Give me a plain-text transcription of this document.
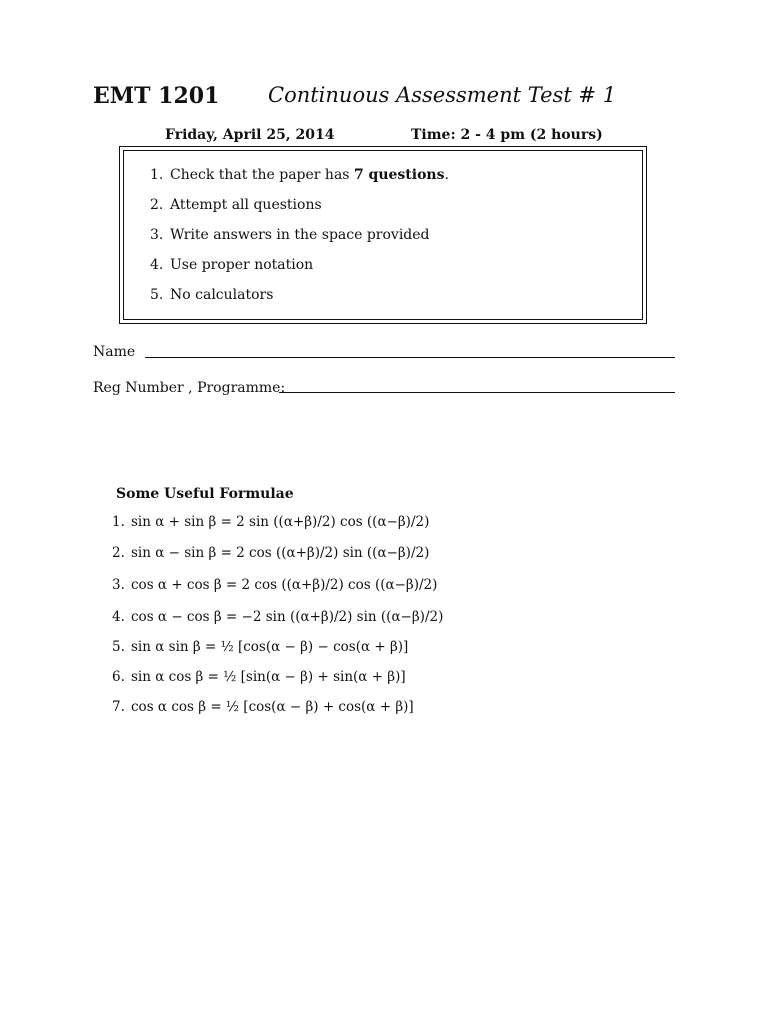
EMT 1201 Continuous Assessment Test # 1
Friday, April 25, 2014	Time: 2 - 4 pm (2 hours)
1. Check that the paper has 7 questions.
2. Attempt all questions
3. Write answers in the space provided
4. Use proper notation
5. No calculators
Name
Reg Number , Programme:
Some Useful Formulae
1. sin α + sin β = 2 sin ((α+β)/2) cos ((α−β)/2)
2. sin α − sin β = 2 cos ((α+β)/2) sin ((α−β)/2)
3. cos α + cos β = 2 cos ((α+β)/2) cos ((α−β)/2)
4. cos α − cos β = −2 sin ((α+β)/2) sin ((α−β)/2)
5. sin α sin β = ½ [cos(α − β) − cos(α + β)]
6. sin α cos β = ½ [sin(α − β) + sin(α + β)]
7. cos α cos β = ½ [cos(α − β) + cos(α + β)]
